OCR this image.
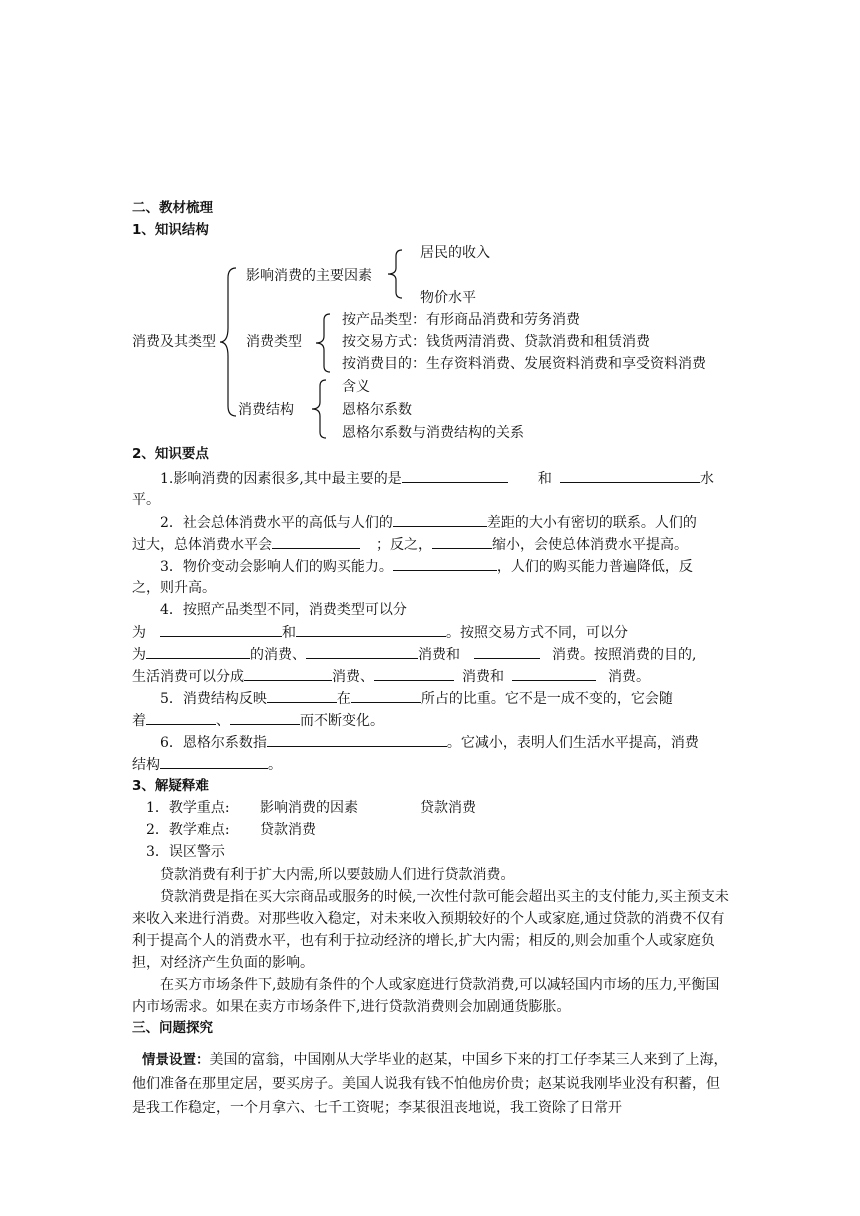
二、教材梳理
1、知识结构
消费及其类型
影响消费的主要因素
居民的收入
物价水平
消费类型
按产品类型：有形商品消费和劳务消费
按交易方式：钱货两清消费、贷款消费和租赁消费
按消费目的：生存资料消费、发展资料消费和享受资料消费
消费结构
含义
恩格尔系数
恩格尔系数与消费结构的关系
2、知识要点
1.影响消费的因素很多,其中最主要的是	和	水
平。
2．社会总体消费水平的高低与人们的	差距的大小有密切的联系。人们的
过大，总体消费水平会	；反之，	缩小，会使总体消费水平提高。
3．物价变动会影响人们的购买能力。	，人们的购买能力普遍降低，反
之，则升高。
4．按照产品类型不同，消费类型可以分
为	和	。按照交易方式不同，可以分
为	的消费、	消费和	消费。按照消费的目的,
生活消费可以分成	消费、	消费和	消费。
5．消费结构反映	在	所占的比重。它不是一成不变的，它会随
着	、	而不断变化。
6．恩格尔系数指	。它减小，表明人们生活水平提高，消费
结构	。
3、解疑释难
1．教学重点: 影响消费的因素	贷款消费
2．教学难点: 贷款消费
3．误区警示
贷款消费有利于扩大内需,所以要鼓励人们进行贷款消费。
贷款消费是指在买大宗商品或服务的时候,一次性付款可能会超出买主的支付能力,买主预支未来收入来进行消费。对那些收入稳定，对未来收入预期较好的个人或家庭,通过贷款的消费不仅有利于提高个人的消费水平，也有利于拉动经济的增长,扩大内需；相反的,则会加重个人或家庭负担，对经济产生负面的影响。
在买方市场条件下,鼓励有条件的个人或家庭进行贷款消费,可以减轻国内市场的压力,平衡国内市场需求。如果在卖方市场条件下,进行贷款消费则会加剧通货膨胀。
三、问题探究
情景设置：美国的富翁，中国刚从大学毕业的赵某，中国乡下来的打工仔李某三人来到了上海，他们准备在那里定居，要买房子。美国人说我有钱不怕他房价贵；赵某说我刚毕业没有积蓄，但是我工作稳定，一个月拿六、七千工资呢；李某很沮丧地说，我工资除了日常开
